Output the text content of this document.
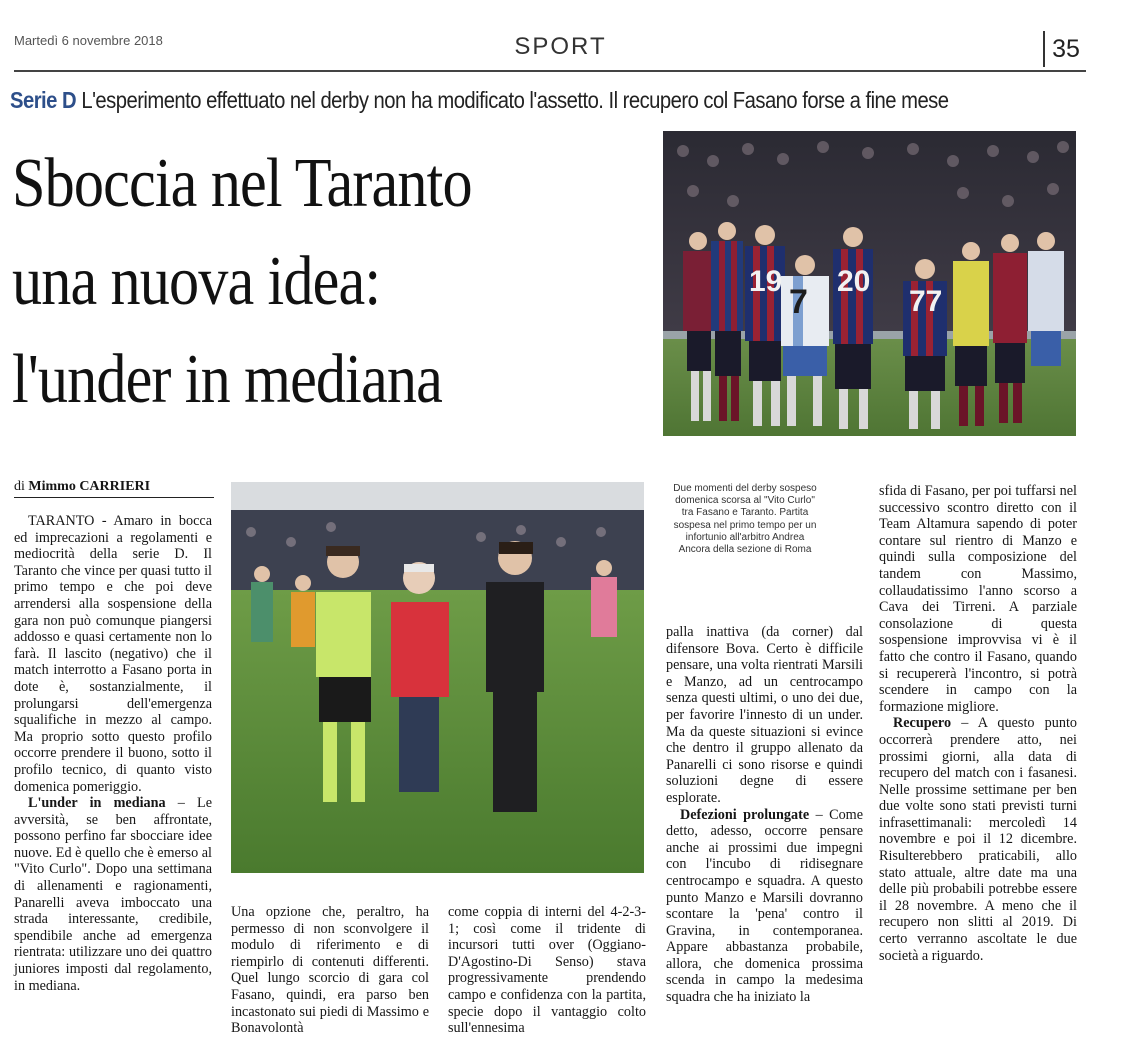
Martedì 6 novembre 2018	SPORT	35
Serie D L'esperimento effettuato nel derby non ha modificato l'assetto. Il recupero col Fasano forse a fine mese
Sboccia nel Taranto
una nuova idea:
l'under in mediana
19
7
20
77
di Mimmo CARRIERI	Due momenti del derby sospeso domenica scorsa al "Vito Curlo" tra Fasano e Taranto. Partita sospesa nel primo tempo per un infortunio all'arbitro Andrea Ancora della sezione di Roma

TARANTO - Amaro in bocca ed imprecazioni a regolamenti e mediocrità della serie D. Il Taranto che vince per quasi tutto il primo tempo e che poi deve arrendersi alla sospensione della gara non può comunque piangersi addosso e quasi certamente non lo farà. Il lascito (negativo) che il match interrotto a Fasano porta in dote è, sostanzialmente, il prolungarsi dell'emergenza squalifiche in mezzo al campo. Ma proprio sotto questo profilo occorre prendere il buono, sotto il profilo tecnico, di quanto visto domenica pomeriggio.

L'under in mediana – Le avversità, se ben affrontate, possono perfino far sbocciare idee nuove. Ed è quello che è emerso al "Vito Curlo". Dopo una settimana di allenamenti e ragionamenti, Panarelli aveva imboccato una strada interessante, credibile, spendibile anche ad emergenza rientrata: utilizzare uno dei quattro juniores imposti dal regolamento, in mediana.

Una opzione che, peraltro, ha permesso di non sconvolgere il modulo di riferimento e di riempirlo di contenuti differenti. Quel lungo scorcio di gara col Fasano, quindi, era parso ben incastonato sui piedi di Massimo e Bonavolontà

come coppia di interni del 4-2-3-1; così come il tridente di incursori tutti over (Oggiano-D'Agostino-Di Senso) stava progressivamente prendendo campo e confidenza con la partita, specie dopo il vantaggio colto sull'ennesima

palla inattiva (da corner) dal difensore Bova. Certo è difficile pensare, una volta rientrati Marsili e Manzo, ad un centrocampo senza questi ultimi, o uno dei due, per favorire l'innesto di un under. Ma da queste situazioni si evince che dentro il gruppo allenato da Panarelli ci sono risorse e quindi soluzioni degne di essere esplorate.

Defezioni prolungate – Come detto, adesso, occorre pensare anche ai prossimi due impegni con l'incubo di ridisegnare centrocampo e squadra. A questo punto Manzo e Marsili dovranno scontare la 'pena' contro il Gravina, in contemporanea. Appare abbastanza probabile, allora, che domenica prossima scenda in campo la medesima squadra che ha iniziato la

sfida di Fasano, per poi tuffarsi nel successivo scontro diretto con il Team Altamura sapendo di poter contare sul rientro di Manzo e quindi sulla composizione del tandem con Massimo, collaudatissimo l'anno scorso a Cava dei Tirreni. A parziale consolazione di questa sospensione improvvisa vi è il fatto che contro il Fasano, quando si recupererà l'incontro, si potrà scendere in campo con la formazione migliore.

Recupero – A questo punto occorrerà prendere atto, nei prossimi giorni, alla data di recupero del match con i fasanesi. Nelle prossime settimane per ben due volte sono stati previsti turni infrasettimanali: mercoledì 14 novembre e poi il 12 dicembre. Risulterebbero praticabili, allo stato attuale, altre date ma una delle più probabili potrebbe essere il 28 novembre. A meno che il recupero non slitti al 2019. Di certo verranno ascoltate le due società a riguardo.
